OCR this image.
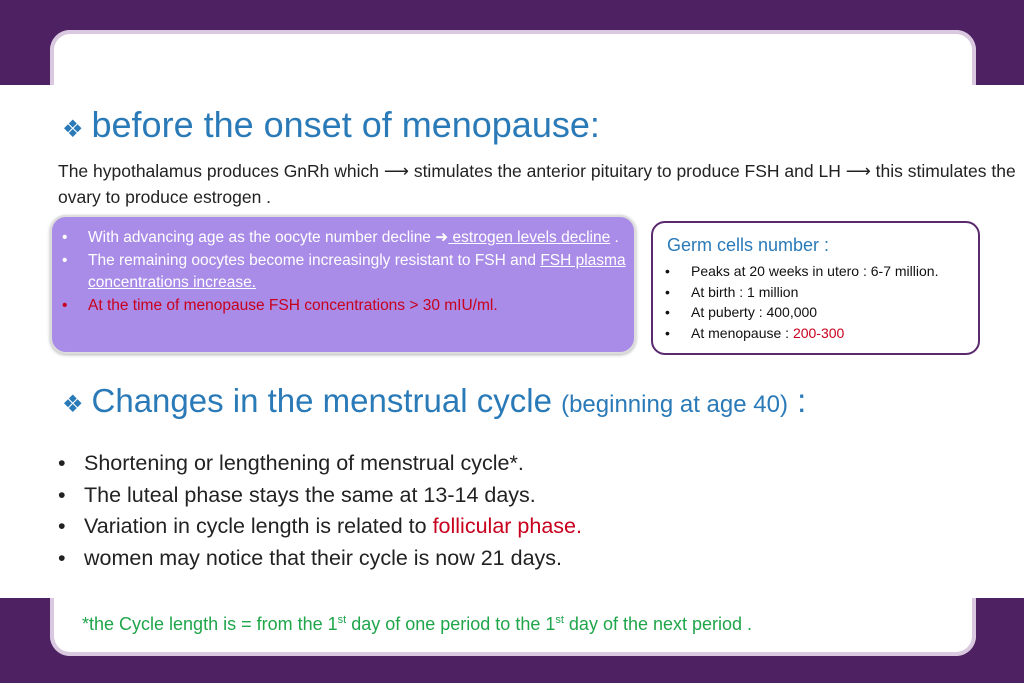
❖ before the onset of menopause:
The hypothalamus produces GnRh which ⟶ stimulates the anterior pituitary to produce FSH and LH ⟶ this stimulates the ovary to produce estrogen .
• With advancing age as the oocyte number decline ➜ estrogen levels decline .
• The remaining oocytes become increasingly resistant to FSH and FSH plasma concentrations increase.
• At the time of menopause FSH concentrations > 30 mIU/ml.
Germ cells number :
• Peaks at 20 weeks in utero : 6-7 million.
• At birth : 1 million
• At puberty : 400,000
• At menopause : 200-300
❖ Changes in the menstrual cycle (beginning at age 40) :
• Shortening or lengthening of menstrual cycle*.
• The luteal phase stays the same at 13-14 days.
• Variation in cycle length is related to follicular phase.
• women may notice that their cycle is now 21 days.
*the Cycle length is = from the 1st day of one period to the 1st day of the next period .
